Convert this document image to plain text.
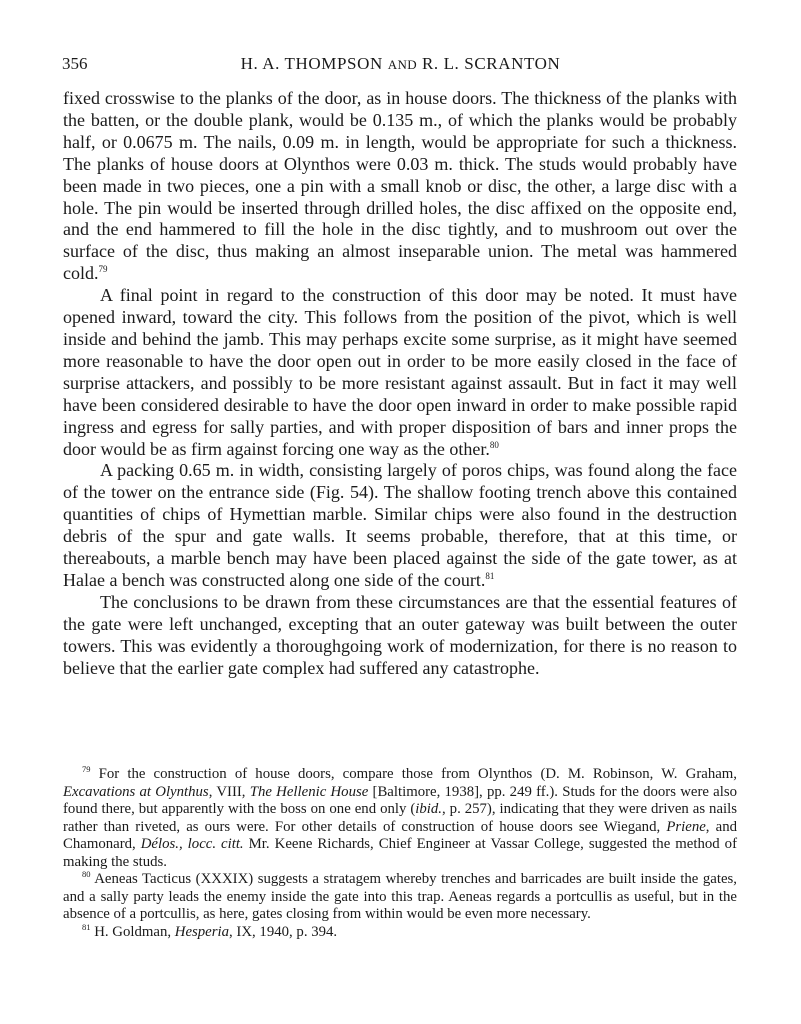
356	H. A. THOMPSON AND R. L. SCRANTON

fixed crosswise to the planks of the door, as in house doors. The thickness of the planks with the batten, or the double plank, would be 0.135 m., of which the planks would be probably half, or 0.0675 m. The nails, 0.09 m. in length, would be appropriate for such a thickness. The planks of house doors at Olynthos were 0.03 m. thick. The studs would probably have been made in two pieces, one a pin with a small knob or disc, the other, a large disc with a hole. The pin would be inserted through drilled holes, the disc affixed on the opposite end, and the end hammered to fill the hole in the disc tightly, and to mushroom out over the surface of the disc, thus making an almost inseparable union. The metal was hammered cold.$^{79}$

A final point in regard to the construction of this door may be noted. It must have opened inward, toward the city. This follows from the position of the pivot, which is well inside and behind the jamb. This may perhaps excite some surprise, as it might have seemed more reasonable to have the door open out in order to be more easily closed in the face of surprise attackers, and possibly to be more resistant against assault. But in fact it may well have been considered desirable to have the door open inward in order to make possible rapid ingress and egress for sally parties, and with proper disposition of bars and inner props the door would be as firm against forcing one way as the other.$^{80}$

A packing 0.65 m. in width, consisting largely of poros chips, was found along the face of the tower on the entrance side (Fig. 54). The shallow footing trench above this contained quantities of chips of Hymettian marble. Similar chips were also found in the destruction debris of the spur and gate walls. It seems probable, therefore, that at this time, or thereabouts, a marble bench may have been placed against the side of the gate tower, as at Halae a bench was constructed along one side of the court.$^{81}$

The conclusions to be drawn from these circumstances are that the essential features of the gate were left unchanged, excepting that an outer gateway was built between the outer towers. This was evidently a thoroughgoing work of modernization, for there is no reason to believe that the earlier gate complex had suffered any catastrophe.

$^{79}$ For the construction of house doors, compare those from Olynthos (D. M. Robinson, W. Graham, Excavations at Olynthus, VIII, The Hellenic House [Baltimore, 1938], pp. 249 ff.). Studs for the doors were also found there, but apparently with the boss on one end only (ibid., p. 257), indicating that they were driven as nails rather than riveted, as ours were. For other details of construction of house doors see Wiegand, Priene, and Chamonard, Délos., locc. citt. Mr. Keene Richards, Chief Engineer at Vassar College, suggested the method of making the studs.

$^{80}$ Aeneas Tacticus (XXXIX) suggests a stratagem whereby trenches and barricades are built inside the gates, and a sally party leads the enemy inside the gate into this trap. Aeneas regards a portcullis as useful, but in the absence of a portcullis, as here, gates closing from within would be even more necessary.

$^{81}$ H. Goldman, Hesperia, IX, 1940, p. 394.
